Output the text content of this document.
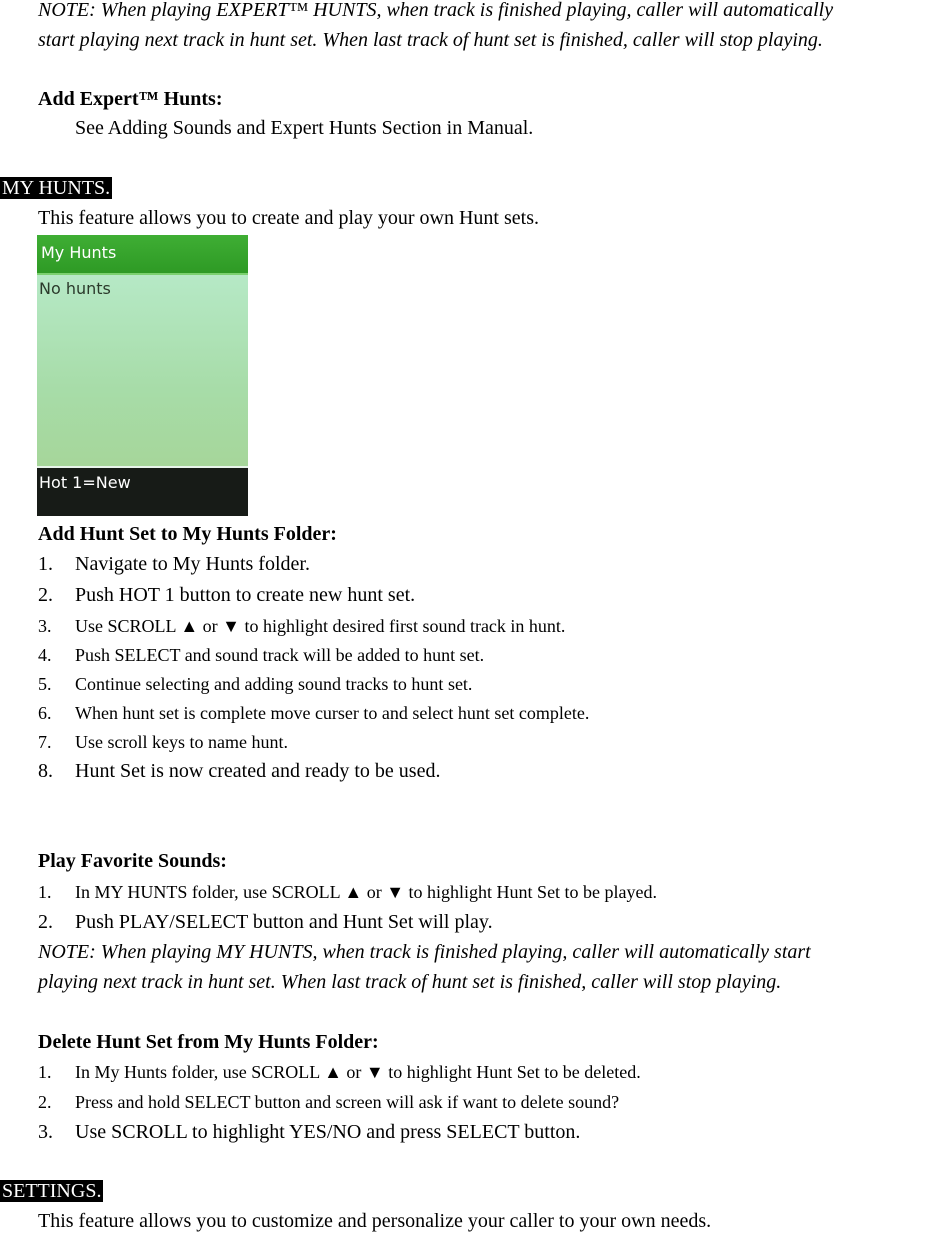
NOTE: When playing EXPERT™ HUNTS, when track is finished playing, caller will automatically
start playing next track in hunt set. When last track of hunt set is finished, caller will stop playing.
Add Expert™ Hunts:
See Adding Sounds and Expert Hunts Section in Manual.
MY HUNTS.
This feature allows you to create and play your own Hunt sets.
My Hunts
No hunts
Hot 1=New
Add Hunt Set to My Hunts Folder:
1. Navigate to My Hunts folder.
2. Push HOT 1 button to create new hunt set.
3. Use SCROLL ▲ or ▼ to highlight desired first sound track in hunt.
4. Push SELECT and sound track will be added to hunt set.
5. Continue selecting and adding sound tracks to hunt set.
6. When hunt set is complete move curser to and select hunt set complete.
7. Use scroll keys to name hunt.
8. Hunt Set is now created and ready to be used.
Play Favorite Sounds:
1. In MY HUNTS folder, use SCROLL ▲ or ▼ to highlight Hunt Set to be played.
2. Push PLAY/SELECT button and Hunt Set will play.
NOTE: When playing MY HUNTS, when track is finished playing, caller will automatically start
playing next track in hunt set. When last track of hunt set is finished, caller will stop playing.
Delete Hunt Set from My Hunts Folder:
1. In My Hunts folder, use SCROLL ▲ or ▼ to highlight Hunt Set to be deleted.
2. Press and hold SELECT button and screen will ask if want to delete sound?
3. Use SCROLL to highlight YES/NO and press SELECT button.
SETTINGS.
This feature allows you to customize and personalize your caller to your own needs.
